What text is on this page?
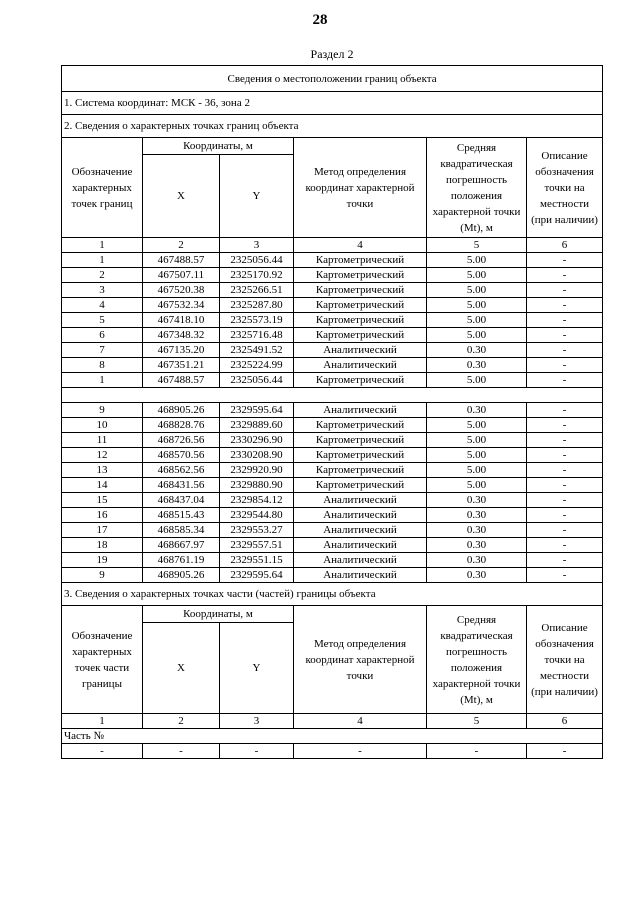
28
Раздел 2
Сведения о местоположении границ объекта					
1. Система координат: МСК - 36, зона 2					
2. Сведения о характерных точках границ объекта					
Обозначение характерных точек границ	Координаты, м		Метод определения координат характерной точки	Средняя квадратическая погрешность положения характерной точки (Mt), м	Описание обозначения точки на местности (при наличии)
	X	Y			
1	2	3	4	5	6
1	467488.57	2325056.44	Картометрический	5.00	-
2	467507.11	2325170.92	Картометрический	5.00	-
3	467520.38	2325266.51	Картометрический	5.00	-
4	467532.34	2325287.80	Картометрический	5.00	-
5	467418.10	2325573.19	Картометрический	5.00	-
6	467348.32	2325716.48	Картометрический	5.00	-
7	467135.20	2325491.52	Аналитический	0.30	-
8	467351.21	2325224.99	Аналитический	0.30	-
1	467488.57	2325056.44	Картометрический	5.00	-

9	468905.26	2329595.64	Аналитический	0.30	-
10	468828.76	2329889.60	Картометрический	5.00	-
11	468726.56	2330296.90	Картометрический	5.00	-
12	468570.56	2330208.90	Картометрический	5.00	-
13	468562.56	2329920.90	Картометрический	5.00	-
14	468431.56	2329880.90	Картометрический	5.00	-
15	468437.04	2329854.12	Аналитический	0.30	-
16	468515.43	2329544.80	Аналитический	0.30	-
17	468585.34	2329553.27	Аналитический	0.30	-
18	468667.97	2329557.51	Аналитический	0.30	-
19	468761.19	2329551.15	Аналитический	0.30	-
9	468905.26	2329595.64	Аналитический	0.30	-
3. Сведения о характерных точках части (частей) границы объекта					
Обозначение характерных точек части границы	Координаты, м		Метод определения координат характерной точки	Средняя квадратическая погрешность положения характерной точки (Mt), м	Описание обозначения точки на местности (при наличии)
	X	Y			
1	2	3	4	5	6
Часть №					
-	-	-	-	-	-
